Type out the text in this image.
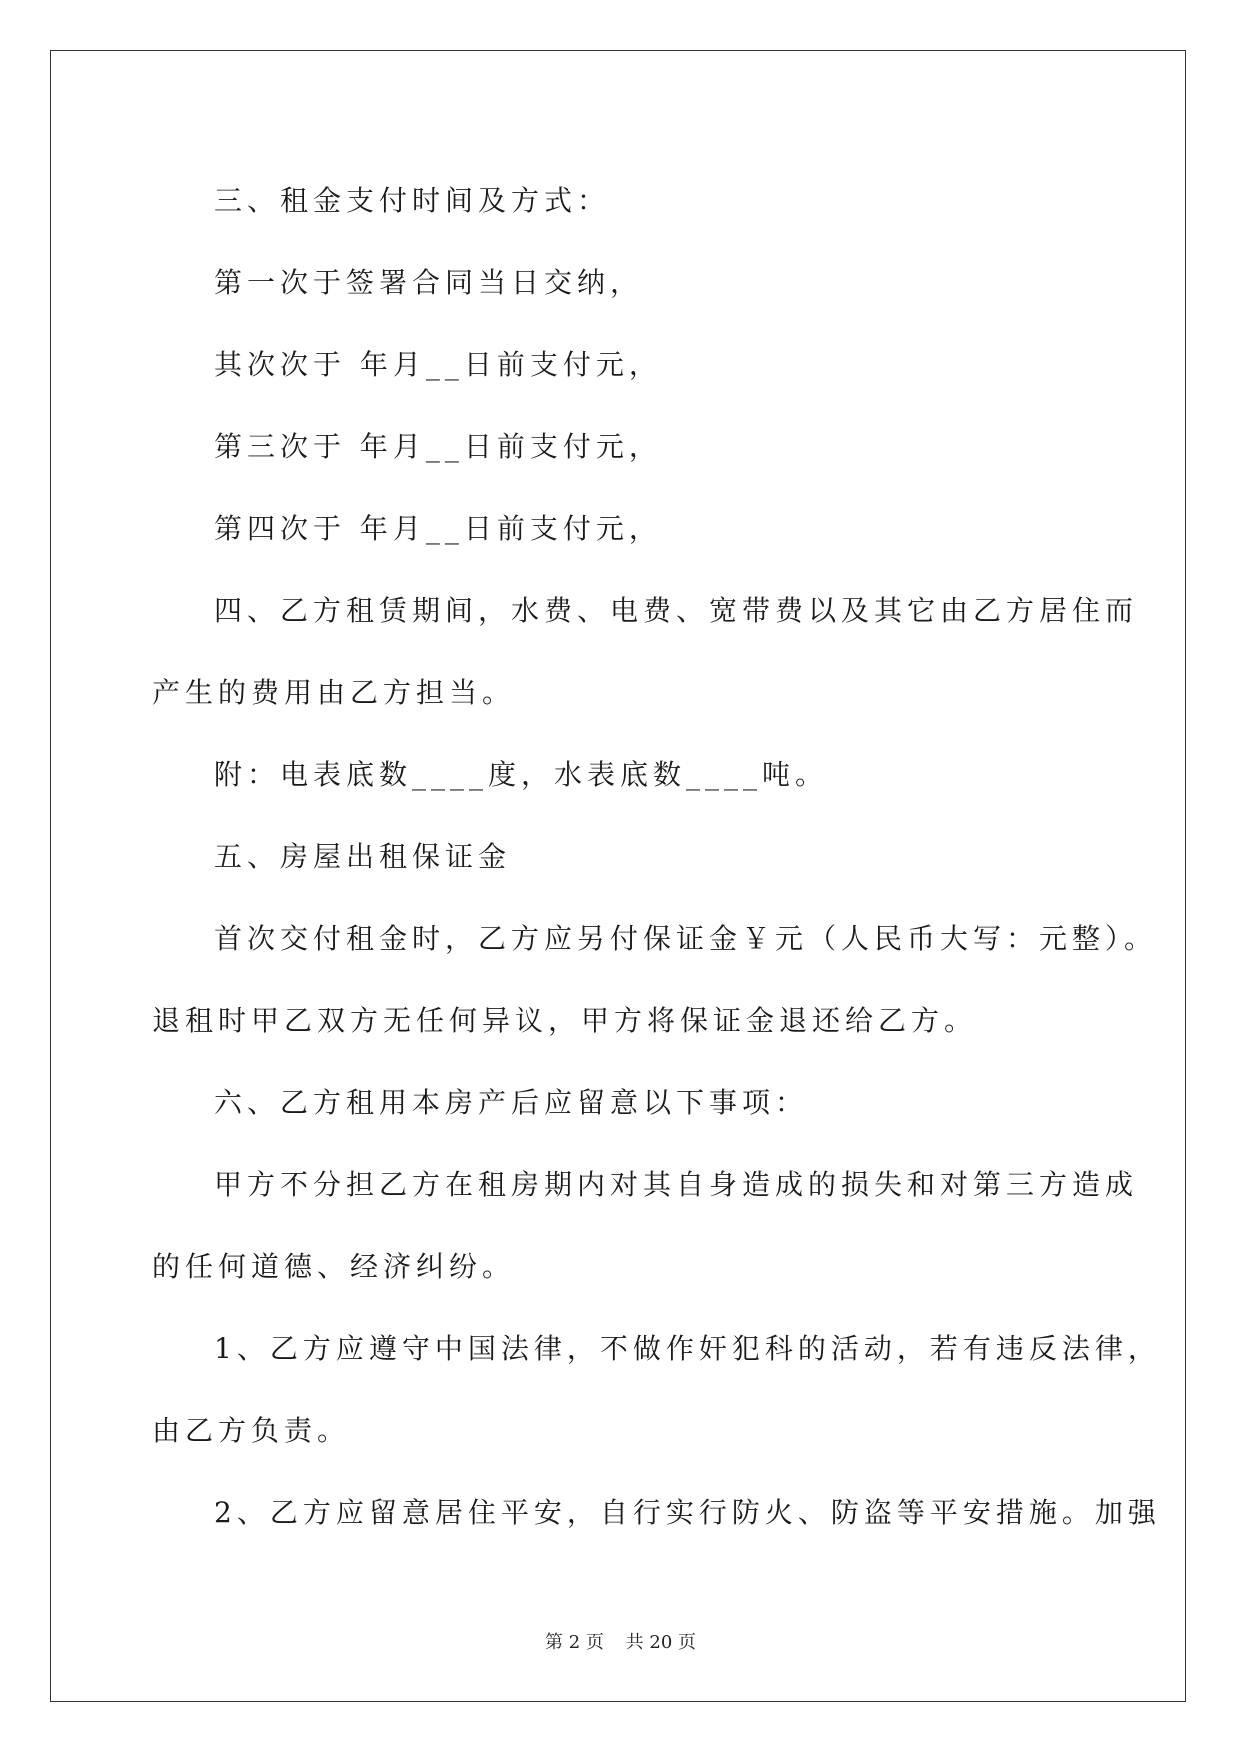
三、租金支付时间及方式：

第一次于签署合同当日交纳，

其次次于 年月__日前支付元，

第三次于 年月__日前支付元，

第四次于 年月__日前支付元，

四、乙方租赁期间，水费、电费、宽带费以及其它由乙方居住而

产生的费用由乙方担当。

附：电表底数____度，水表底数____吨。

五、房屋出租保证金

首次交付租金时，乙方应另付保证金￥元（人民币大写：元整）。

退租时甲乙双方无任何异议，甲方将保证金退还给乙方。

六、乙方租用本房产后应留意以下事项：

甲方不分担乙方在租房期内对其自身造成的损失和对第三方造成

的任何道德、经济纠纷。

1、乙方应遵守中国法律，不做作奸犯科的活动，若有违反法律，

由乙方负责。

2、乙方应留意居住平安，自行实行防火、防盗等平安措施。加强

第 2 页 共 20 页
